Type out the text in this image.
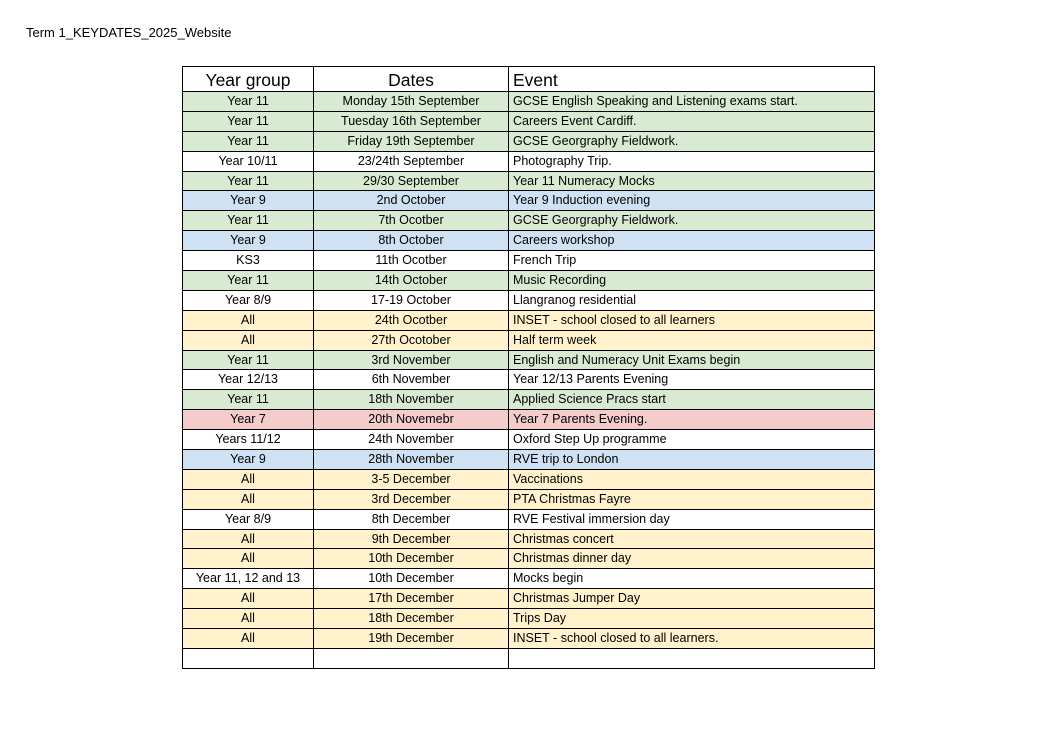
Term 1_KEYDATES_2025_Website
Year group	Dates	Event
Year 11	Monday 15th September	GCSE English Speaking and Listening exams start.
Year 11	Tuesday 16th September	Careers Event Cardiff.
Year 11	Friday 19th September	GCSE Georgraphy Fieldwork.
Year 10/11	23/24th September	Photography Trip.
Year 11	29/30 September	Year 11 Numeracy Mocks
Year 9	2nd October	Year 9 Induction evening
Year 11	7th Ocotber	GCSE Georgraphy Fieldwork.
Year 9	8th October	Careers workshop
KS3	11th Ocotber	French Trip
Year 11	14th October	Music Recording
Year 8/9	17-19 October	Llangranog residential
All	24th Ocotber	INSET - school closed to all learners
All	27th Ocotober	Half term week
Year 11	3rd November	English and Numeracy Unit Exams begin
Year 12/13	6th November	Year 12/13 Parents Evening
Year 11	18th November	Applied Science Pracs start
Year 7	20th Novemebr	Year 7 Parents Evening.
Years 11/12	24th November	Oxford Step Up programme
Year 9	28th November	RVE trip to London
All	3-5 December	Vaccinations
All	3rd December	PTA Christmas Fayre
Year 8/9	8th December	RVE Festival immersion day
All	9th December	Christmas concert
All	10th December	Christmas dinner day
Year 11, 12 and 13	10th December	Mocks begin
All	17th December	Christmas Jumper Day
All	18th December	Trips Day
All	19th December	INSET - school closed to all learners.
